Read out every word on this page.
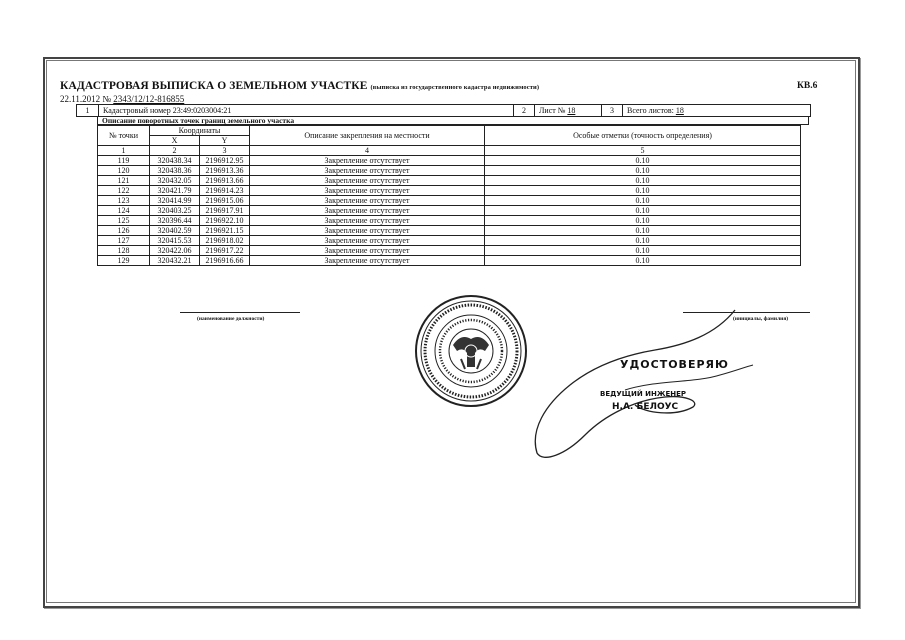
КАДАСТРОВАЯ ВЫПИСКА О ЗЕМЕЛЬНОМ УЧАСТКЕ (выписка из государственного кадастра недвижимости)	КВ.6
22.11.2012 № 2343/12/12-816855
1	Кадастровый номер 23:49:0203004:21	2	Лист № 18	3	Всего листов: 18
Описание поворотных точек границ земельного участка
№ точки	Координаты		Описание закрепления на местности	Особые отметки (точность определения)
	X	Y		
1	2	3	4	5
119	320438.34	2196912.95	Закрепление отсутствует	0.10
120	320438.36	2196913.36	Закрепление отсутствует	0.10
121	320432.05	2196913.66	Закрепление отсутствует	0.10
122	320421.79	2196914.23	Закрепление отсутствует	0.10
123	320414.99	2196915.06	Закрепление отсутствует	0.10
124	320403.25	2196917.91	Закрепление отсутствует	0.10
125	320396.44	2196922.10	Закрепление отсутствует	0.10
126	320402.59	2196921.15	Закрепление отсутствует	0.10
127	320415.53	2196918.02	Закрепление отсутствует	0.10
128	320422.06	2196917.22	Закрепление отсутствует	0.10
129	320432.21	2196916.66	Закрепление отсутствует	0.10
(наименование должности)	(инициалы, фамилия)
УДОСТОВЕРЯЮ
ВЕДУЩИЙ ИНЖЕНЕР
Н.А. БЕЛОУС
